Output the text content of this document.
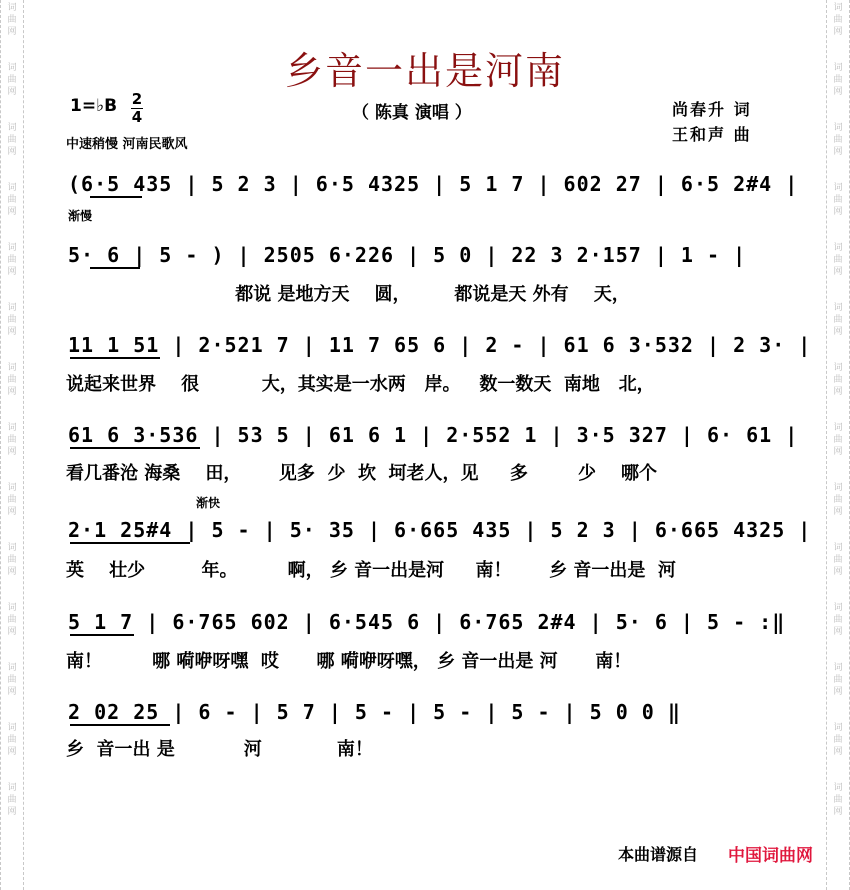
词
曲
网
词
曲
网
词
曲
网
词
曲
网
词
曲
网
词
曲
网
词
曲
网
词
曲
网
词
曲
网
词
曲
网
词
曲
网
词
曲
网
词
曲
网
词
曲
网
词
曲
网
词
曲
网
词
曲
网
词
曲
网
词
曲
网
词
曲
网
词
曲
网
词
曲
网
词
曲
网
词
曲
网
词
曲
网
词
曲
网
词
曲
网
词
曲
网
乡音一出是河南
1=♭B 2
4	（ 陈真 演唱 ）	尚春升 词
王和声 曲
中速稍慢 河南民歌风
(6·5 435 | 5 2 3 | 6·5 4325 | 5 1 7 | 602 27 | 6·5 2#4 |
渐慢
5· 6 | 5 - ) | 2505 6·226 | 5 0 | 22 3 2·157 | 1 - |
都说 是地方天    圆，       都说是天 外有    天，
11 1 51 | 2·521 7 | 11 7 65 6 | 2 - | 61 6 3·532 | 2 3· |
说起来世界    很          大，其实是一水两   岸。   数一数天  南地   北，
61 6 3·536 | 53 5 | 61 6 1 | 2·552 1 | 3·5 327 | 6· 61 |
看几番沧 海桑    田，      见多  少  坎  坷老人，见     多        少    哪个
渐快
2·1 25#4 | 5 - | 5· 35 | 6·665 435 | 5 2 3 | 6·665 4325 |
英    壮少         年。        啊， 乡 音一出是河     南！      乡 音一出是  河
5 1 7 | 6·765 602 | 6·545 6 | 6·765 2#4 | 5· 6 | 5 - :‖
南！        哪 嗬咿呀嘿  哎      哪 嗬咿呀嘿， 乡 音一出是 河      南！
2 02 25 | 6 - | 5 7 | 5 - | 5 - | 5 - | 5 0 0 ‖
乡  音一出 是           河            南！
本曲谱源自 中国词曲网
